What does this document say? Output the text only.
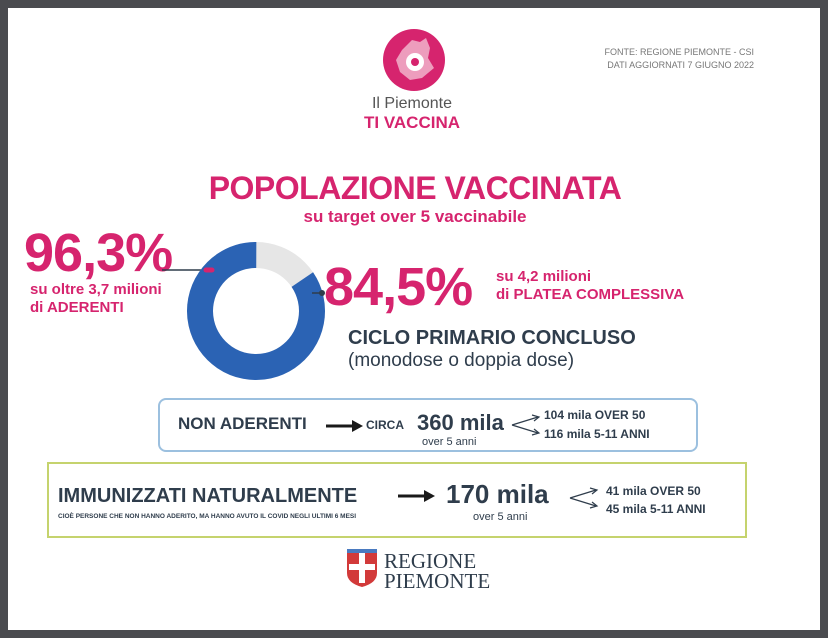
Il Piemonte
TI VACCINA
FONTE: REGIONE PIEMONTE - CSI
DATI AGGIORNATI 7 GIUGNO 2022
POPOLAZIONE VACCINATA
su target over 5 vaccinabile
96,3%
su oltre 3,7 milioni
di ADERENTI	84,5% su 4,2 milioni
di PLATEA COMPLESSIVA
CICLO PRIMARIO CONCLUSO
(monodose o doppia dose)
NON ADERENTI	CIRCA 360 mila
over 5 anni
104 mila OVER 50
116 mila 5-11 ANNI
IMMUNIZZATI NATURALMENTE
CIOÈ PERSONE CHE NON HANNO ADERITO, MA HANNO AVUTO IL COVID NEGLI ULTIMI 6 MESI
170 mila
over 5 anni
41 mila OVER 50
45 mila 5-11 ANNI
REGIONE
PIEMONTE
